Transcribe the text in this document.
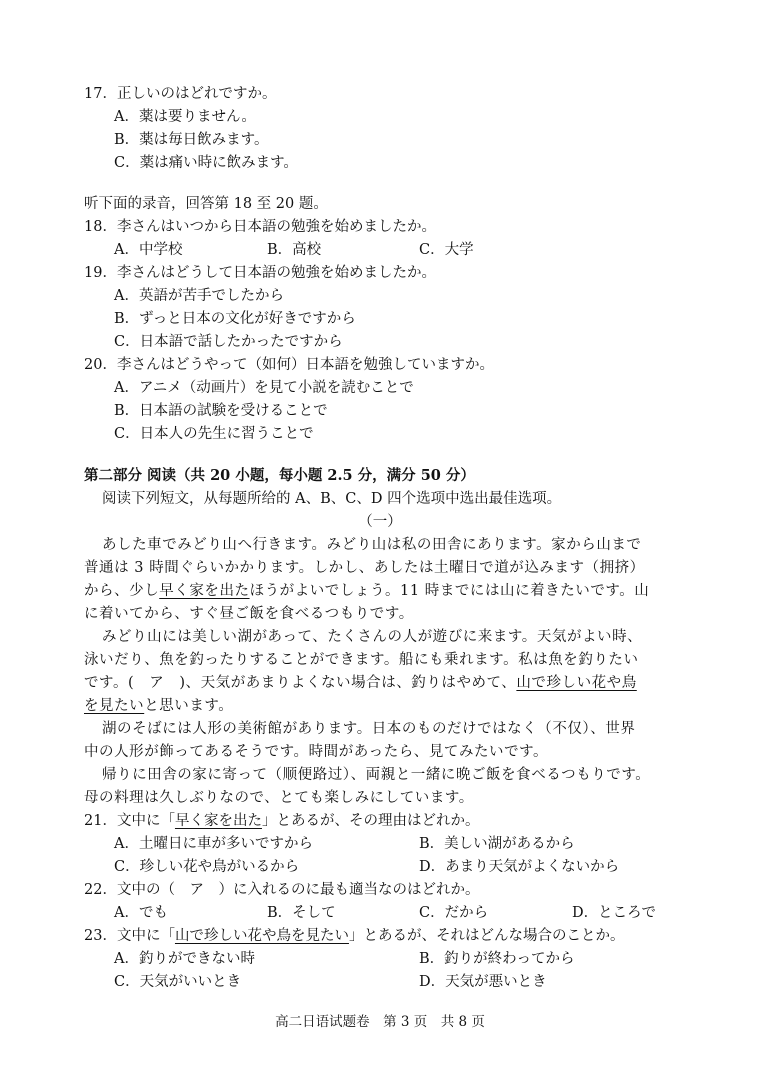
17．正しいのはどれですか。
A．薬は要りません。
B．薬は毎日飲みます。
C．薬は痛い時に飲みます。
听下面的录音，回答第 18 至 20 题。
18．李さんはいつから日本語の勉強を始めましたか。
A．中学校	B．高校	C．大学
19．李さんはどうして日本語の勉強を始めましたか。
A．英語が苦手でしたから
B．ずっと日本の文化が好きですから
C．日本語で話したかったですから
20．李さんはどうやって（如何）日本語を勉強していますか。
A．アニメ（动画片）を見て小説を読むことで
B．日本語の試験を受けることで
C．日本人の先生に習うことで
第二部分 阅读（共 20 小题，每小题 2.5 分，满分 50 分）
阅读下列短文，从每题所给的 A、B、C、D 四个选项中选出最佳选项。
（一）
あした車でみどり山へ行きます。みどり山は私の田舎にあります。家から山まで
普通は 3 時間ぐらいかかります。しかし、あしたは土曜日で道が込みます（拥挤）
から、少し早く家を出たほうがよいでしょう。11 時までには山に着きたいです。山
に着いてから、すぐ昼ご飯を食べるつもりです。
みどり山には美しい湖があって、たくさんの人が遊びに来ます。天気がよい時、
泳いだり、魚を釣ったりすることができます。船にも乗れます。私は魚を釣りたい
です。(　ア　)、天気があまりよくない場合は、釣りはやめて、山で珍しい花や鳥
を見たいと思います。
湖のそばには人形の美術館があります。日本のものだけではなく（不仅）、世界
中の人形が飾ってあるそうです。時間があったら、見てみたいです。
帰りに田舎の家に寄って（顺便路过）、両親と一緒に晩ご飯を食べるつもりです。
母の料理は久しぶりなので、とても楽しみにしています。
21．文中に「早く家を出た」とあるが、その理由はどれか。
A．土曜日に車が多いですから	B．美しい湖があるから
C．珍しい花や鳥がいるから	D．あまり天気がよくないから
22．文中の（　ア　）に入れるのに最も適当なのはどれか。
A．でも	B．そして	C．だから	D．ところで
23．文中に「山で珍しい花や鳥を見たい」とあるが、それはどんな場合のことか。
A．釣りができない時	B．釣りが終わってから
C．天気がいいとき	D．天気が悪いとき
高二日语试题卷　第 3 页　共 8 页
